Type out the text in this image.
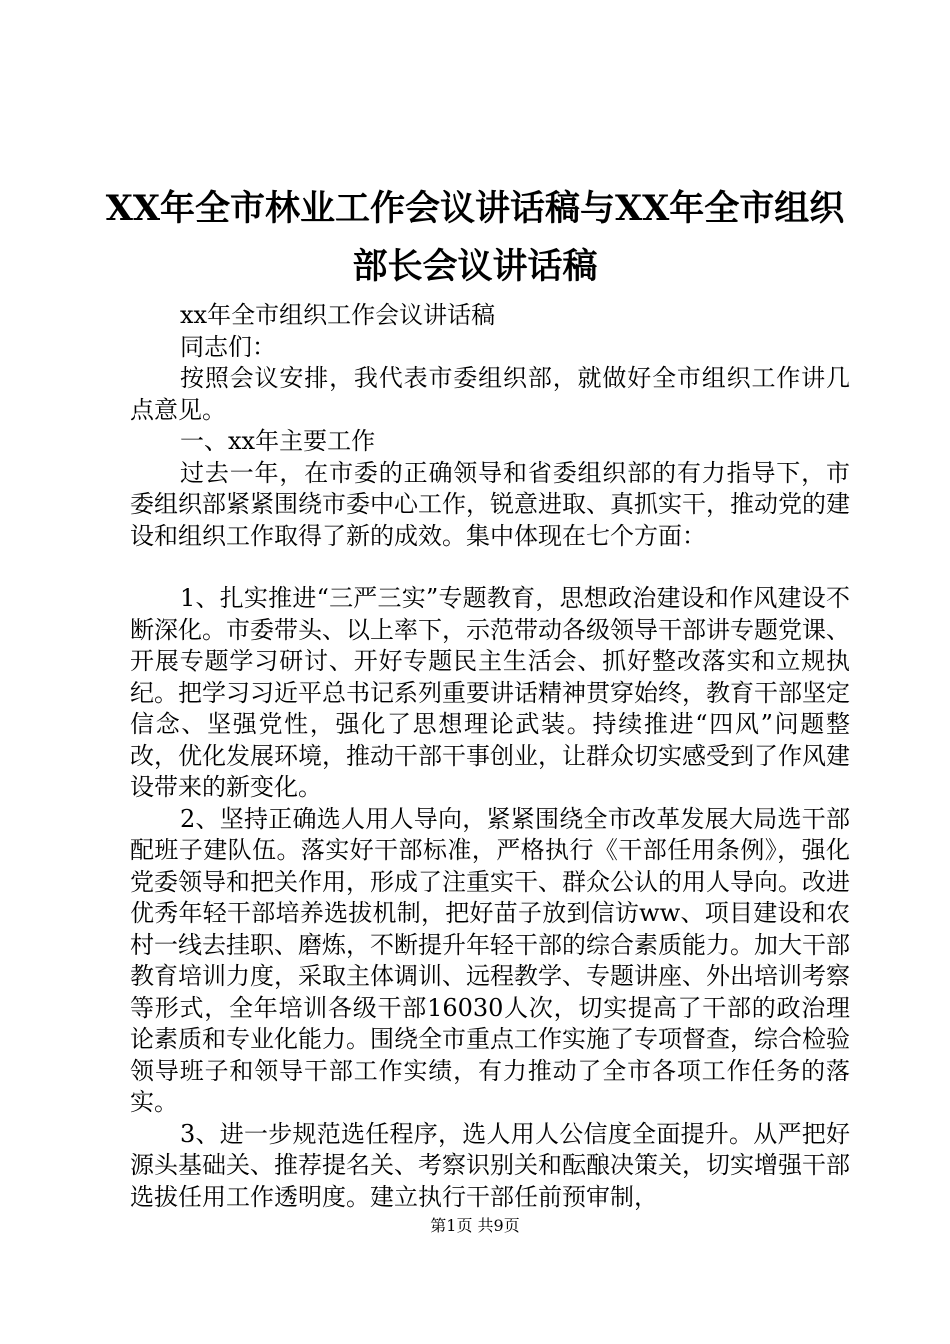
XX年全市林业工作会议讲话稿与XX年全市组织部长会议讲话稿

xx年全市组织工作会议讲话稿

同志们：

按照会议安排，我代表市委组织部，就做好全市组织工作讲几点意见。

一、xx年主要工作

过去一年，在市委的正确领导和省委组织部的有力指导下，市委组织部紧紧围绕市委中心工作，锐意进取、真抓实干，推动党的建设和组织工作取得了新的成效。集中体现在七个方面：

1、扎实推进“三严三实”专题教育，思想政治建设和作风建设不断深化。市委带头、以上率下，示范带动各级领导干部讲专题党课、开展专题学习研讨、开好专题民主生活会、抓好整改落实和立规执纪。把学习习近平总书记系列重要讲话精神贯穿始终，教育干部坚定信念、坚强党性，强化了思想理论武装。持续推进“四风”问题整改，优化发展环境，推动干部干事创业，让群众切实感受到了作风建设带来的新变化。

2、坚持正确选人用人导向，紧紧围绕全市改革发展大局选干部配班子建队伍。落实好干部标准，严格执行《干部任用条例》，强化党委领导和把关作用，形成了注重实干、群众公认的用人导向。改进优秀年轻干部培养选拔机制，把好苗子放到信访ww、项目建设和农村一线去挂职、磨炼，不断提升年轻干部的综合素质能力。加大干部教育培训力度，采取主体调训、远程教学、专题讲座、外出培训考察等形式，全年培训各级干部16030人次，切实提高了干部的政治理论素质和专业化能力。围绕全市重点工作实施了专项督查，综合检验领导班子和领导干部工作实绩，有力推动了全市各项工作任务的落实。

3、进一步规范选任程序，选人用人公信度全面提升。从严把好源头基础关、推荐提名关、考察识别关和酝酿决策关，切实增强干部选拔任用工作透明度。建立执行干部任前预审制，

第1页 共9页
